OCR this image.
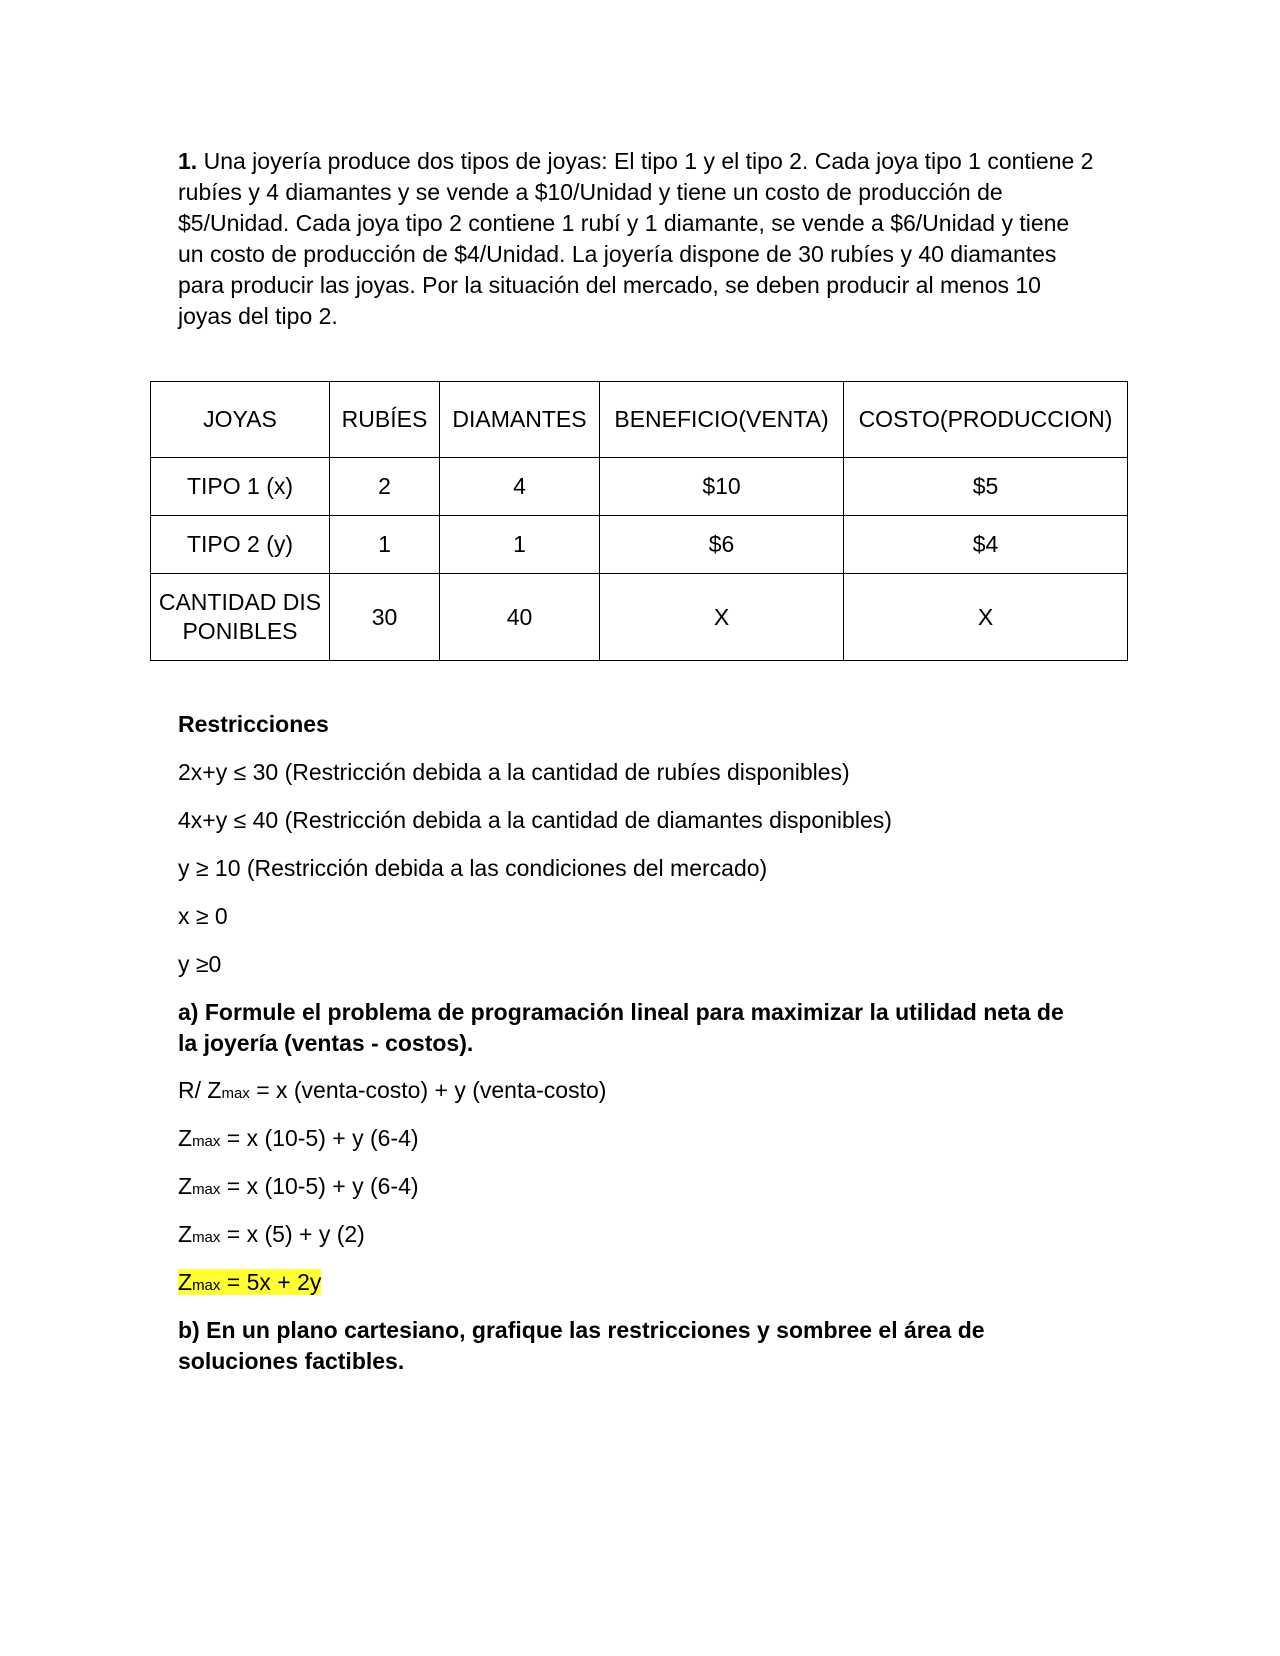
1. Una joyería produce dos tipos de joyas: El tipo 1 y el tipo 2. Cada joya tipo 1 contiene 2 rubíes y 4 diamantes y se vende a $10/Unidad y tiene un costo de producción de $5/Unidad. Cada joya tipo 2 contiene 1 rubí y 1 diamante, se vende a $6/Unidad y tiene un costo de producción de $4/Unidad. La joyería dispone de 30 rubíes y 40 diamantes para producir las joyas. Por la situación del mercado, se deben producir al menos 10 joyas del tipo 2.

JOYAS	RUBÍES	DIAMANTES	BENEFICIO(VENTA)	COSTO(PRODUCCION)
TIPO 1 (x)	2	4	$10	$5
TIPO 2 (y)	1	1	$6	$4
CANTIDAD DISPONIBLES	30	40	X	X

Restricciones

2x+y ≤ 30 (Restricción debida a la cantidad de rubíes disponibles)

4x+y ≤ 40 (Restricción debida a la cantidad de diamantes disponibles)

y ≥ 10 (Restricción debida a las condiciones del mercado)

x ≥ 0

y ≥0

a) Formule el problema de programación lineal para maximizar la utilidad neta de la joyería (ventas - costos).

R/ Zmax = x (venta-costo) + y (venta-costo)

Zmax = x (10-5) + y (6-4)

Zmax = x (10-5) + y (6-4)

Zmax = x (5) + y (2)

Zmax = 5x + 2y

b) En un plano cartesiano, grafique las restricciones y sombree el área de soluciones factibles.
